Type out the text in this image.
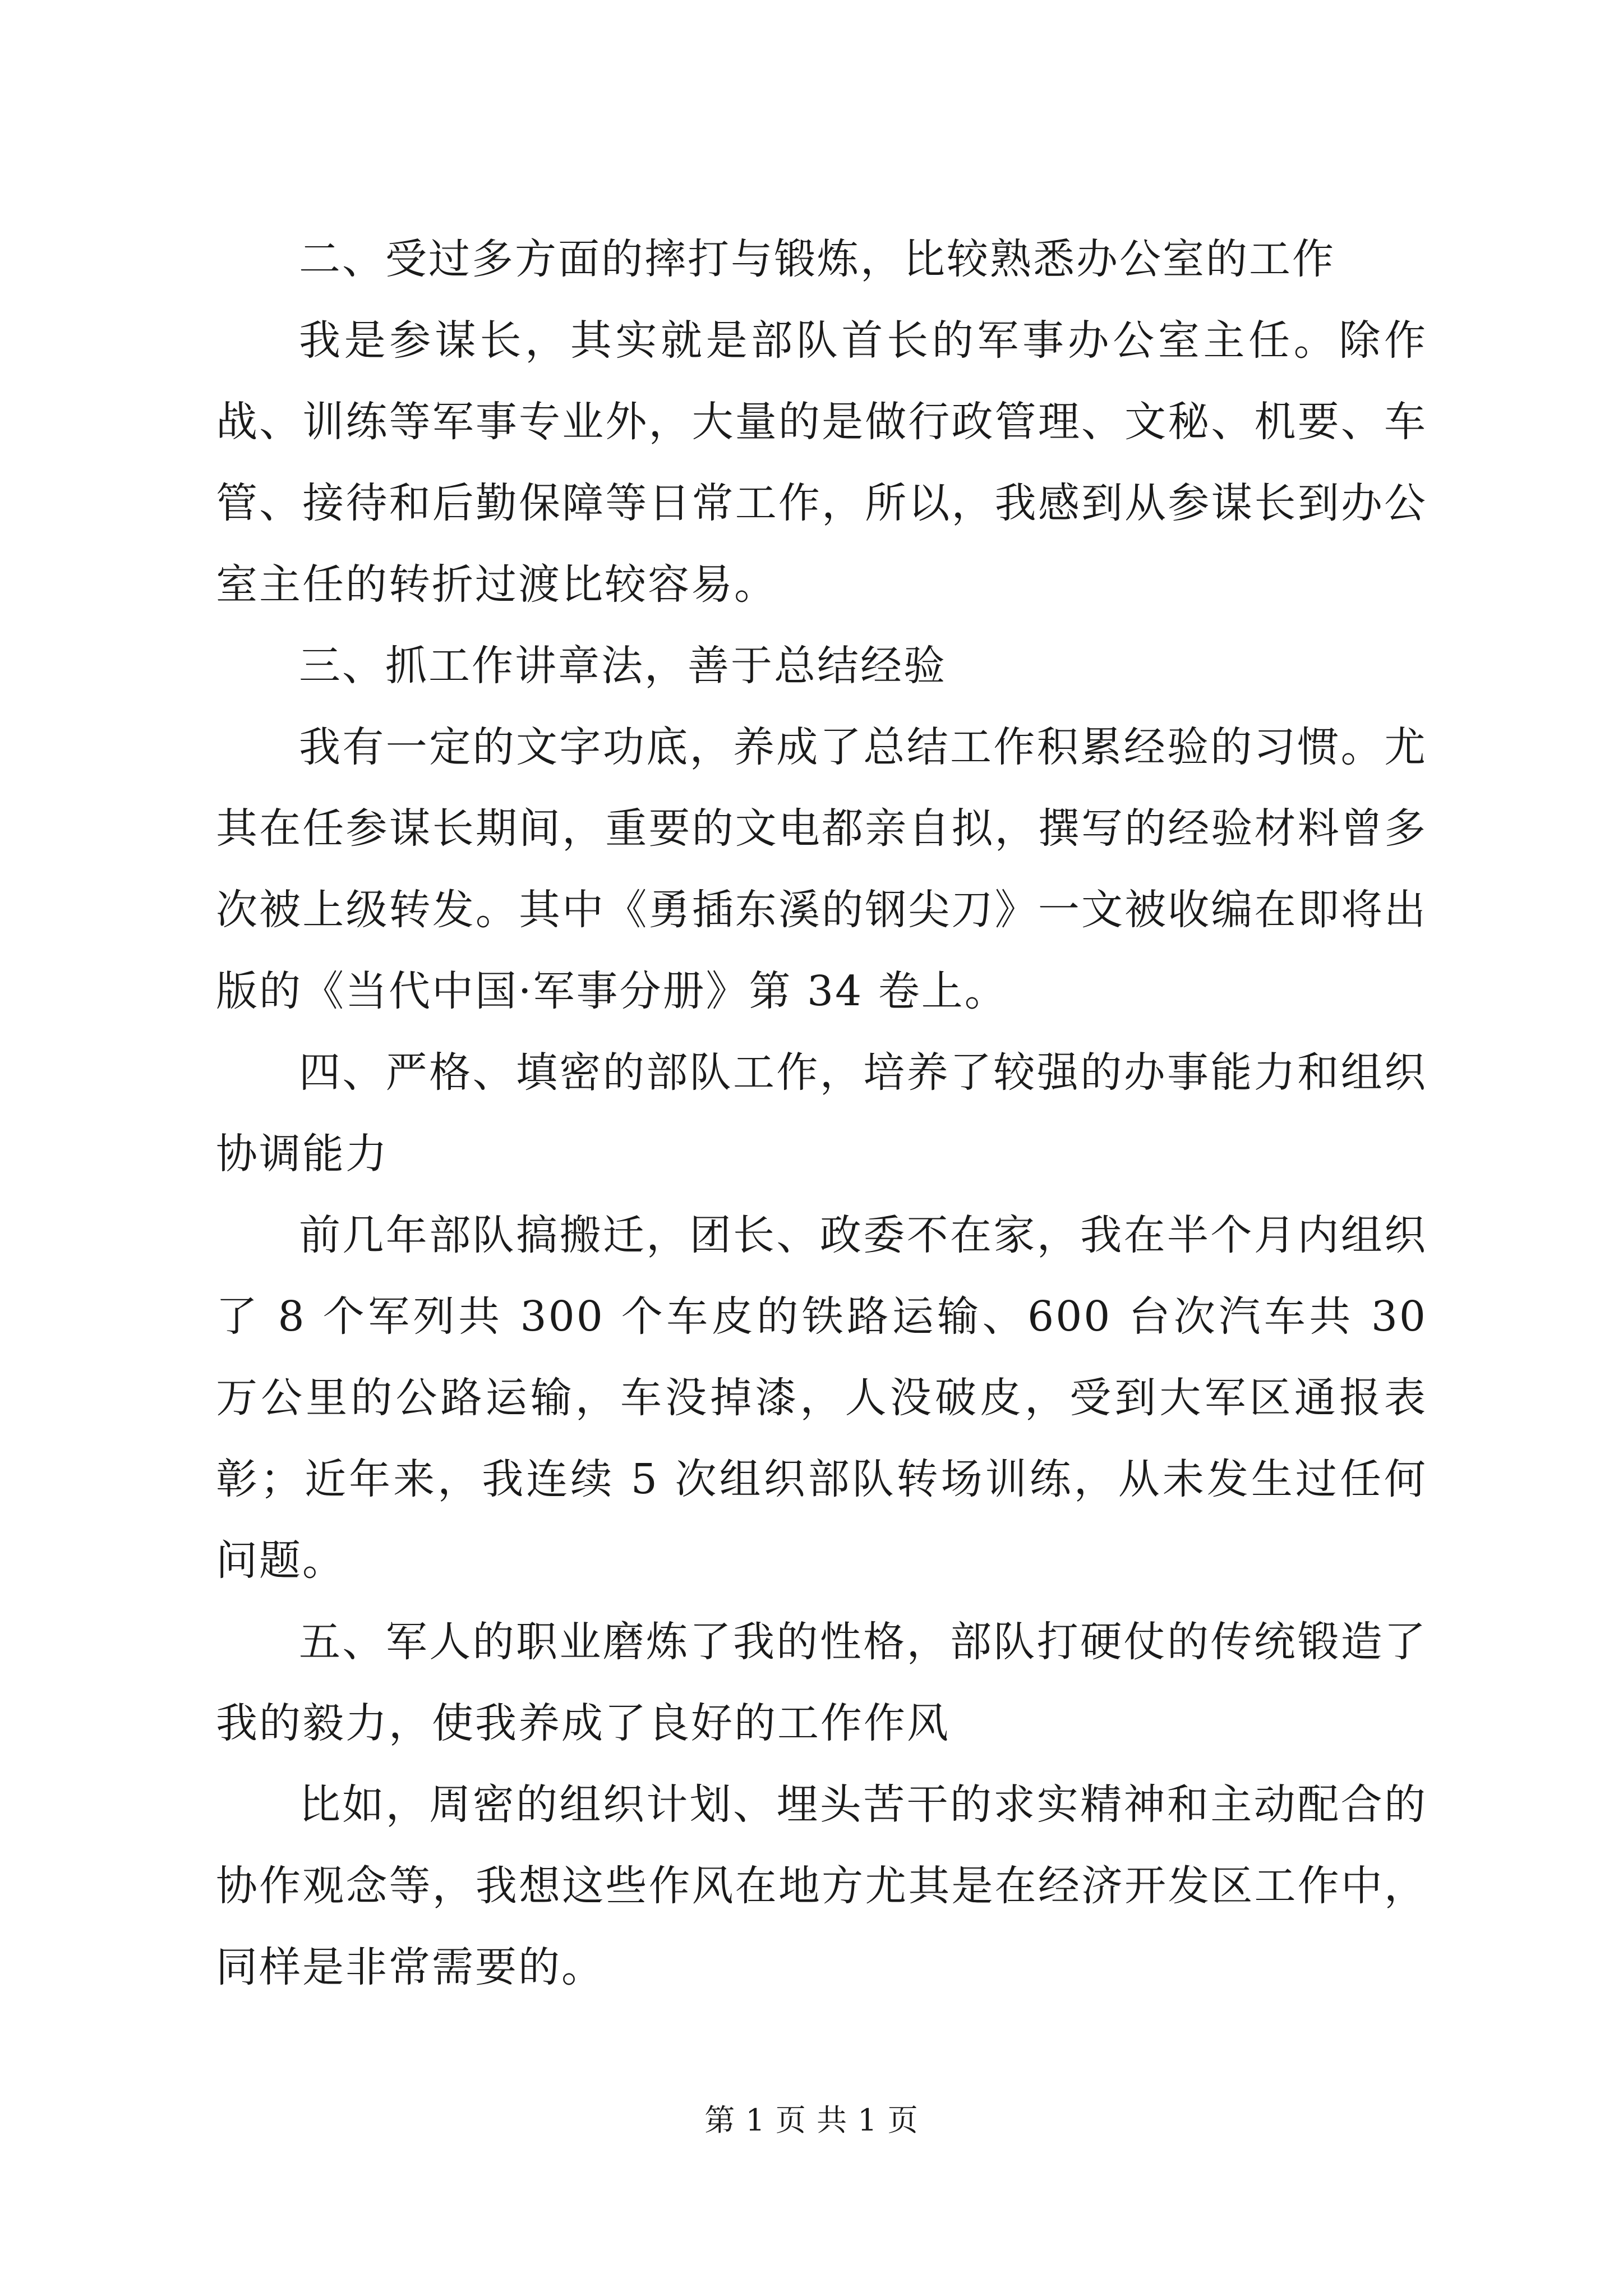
二、受过多方面的摔打与锻炼，比较熟悉办公室的工作

我是参谋长，其实就是部队首长的军事办公室主任。除作战、训练等军事专业外，大量的是做行政管理、文秘、机要、车管、接待和后勤保障等日常工作，所以，我感到从参谋长到办公室主任的转折过渡比较容易。

三、抓工作讲章法，善于总结经验

我有一定的文字功底，养成了总结工作积累经验的习惯。尤其在任参谋长期间，重要的文电都亲自拟，撰写的经验材料曾多次被上级转发。其中《勇插东溪的钢尖刀》一文被收编在即将出版的《当代中国·军事分册》第 34 卷上。

四、严格、填密的部队工作，培养了较强的办事能力和组织协调能力

前几年部队搞搬迁，团长、政委不在家，我在半个月内组织了 8 个军列共 300 个车皮的铁路运输、600 台次汽车共 30 万公里的公路运输，车没掉漆，人没破皮，受到大军区通报表彰；近年来，我连续 5 次组织部队转场训练，从未发生过任何问题。

五、军人的职业磨炼了我的性格，部队打硬仗的传统锻造了我的毅力，使我养成了良好的工作作风

比如，周密的组织计划、埋头苦干的求实精神和主动配合的协作观念等，我想这些作风在地方尤其是在经济开发区工作中，同样是非常需要的。

第 1 页 共 1 页
